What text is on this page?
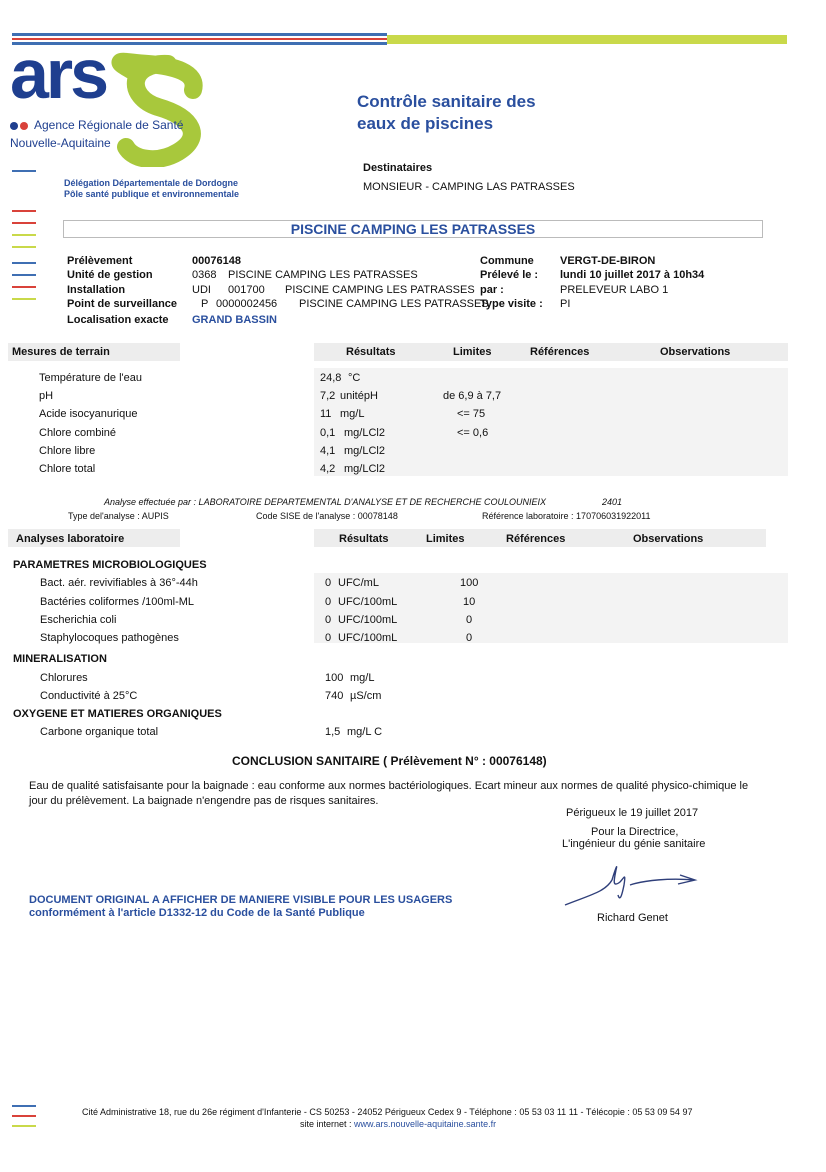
ars
Agence Régionale de Santé
Nouvelle-Aquitaine
Délégation Départementale de Dordogne
Pôle santé publique et environnementale
Contrôle sanitaire des
eaux de piscines
Destinataires
MONSIEUR - CAMPING LAS PATRASSES
PISCINE CAMPING LES PATRASSES
Prélèvement	00076148
Unité de gestion	0368 PISCINE CAMPING LES PATRASSES
Installation	UDI 001700 PISCINE CAMPING LES PATRASSES
Point de surveillance P 0000002456 PISCINE CAMPING LES PATRASSES
Localisation exacte GRAND BASSIN
Commune VERGT-DE-BIRON
Prélevé le : lundi 10 juillet 2017 à 10h34
par :	PRELEVEUR LABO 1
Type visite : PI
Mesures de terrain	Résultats	Limites	Références	Observations
Température de l'eau	24,8 °C
pH	7,2 unitépH	de 6,9 à 7,7
Acide isocyanurique	11 mg/L	<= 75
Chlore combiné	0,1 mg/LCl2	<= 0,6
Chlore libre	4,1 mg/LCl2
Chlore total	4,2 mg/LCl2
Analyse effectuée par : LABORATOIRE DEPARTEMENTAL D'ANALYSE ET DE RECHERCHE COULOUNIEIX	2401
Type del'analyse : AUPIS	Code SISE de l'analyse : 00078148	Référence laboratoire : 170706031922011
Analyses laboratoire	Résultats	Limites	Références	Observations
PARAMETRES MICROBIOLOGIQUES
Bact. aér. revivifiables à 36°-44h	0 UFC/mL	100
Bactéries coliformes /100ml-ML	0 UFC/100mL	10
Escherichia coli	0 UFC/100mL	0
Staphylocoques pathogènes	0 UFC/100mL	0
MINERALISATION
Chlorures	100 mg/L
Conductivité à 25°C	740 µS/cm
OXYGENE ET MATIERES ORGANIQUES
Carbone organique total	1,5 mg/L C
CONCLUSION SANITAIRE ( Prélèvement N° : 00076148)
Eau de qualité satisfaisante pour la baignade : eau conforme aux normes bactériologiques. Ecart mineur aux normes de qualité physico-chimique le jour du prélèvement. La baignade n'engendre pas de risques sanitaires.
Périgueux le 19 juillet 2017
Pour la Directrice,
L'ingénieur du génie sanitaire
Richard Genet
DOCUMENT ORIGINAL A AFFICHER DE MANIERE VISIBLE POUR LES USAGERS
conformément à l'article D1332-12 du Code de la Santé Publique
Cité Administrative 18, rue du 26e régiment d'Infanterie - CS 50253 - 24052 Périgueux Cedex 9 - Téléphone : 05 53 03 11 11 - Télécopie : 05 53 09 54 97
site internet : www.ars.nouvelle-aquitaine.sante.fr
